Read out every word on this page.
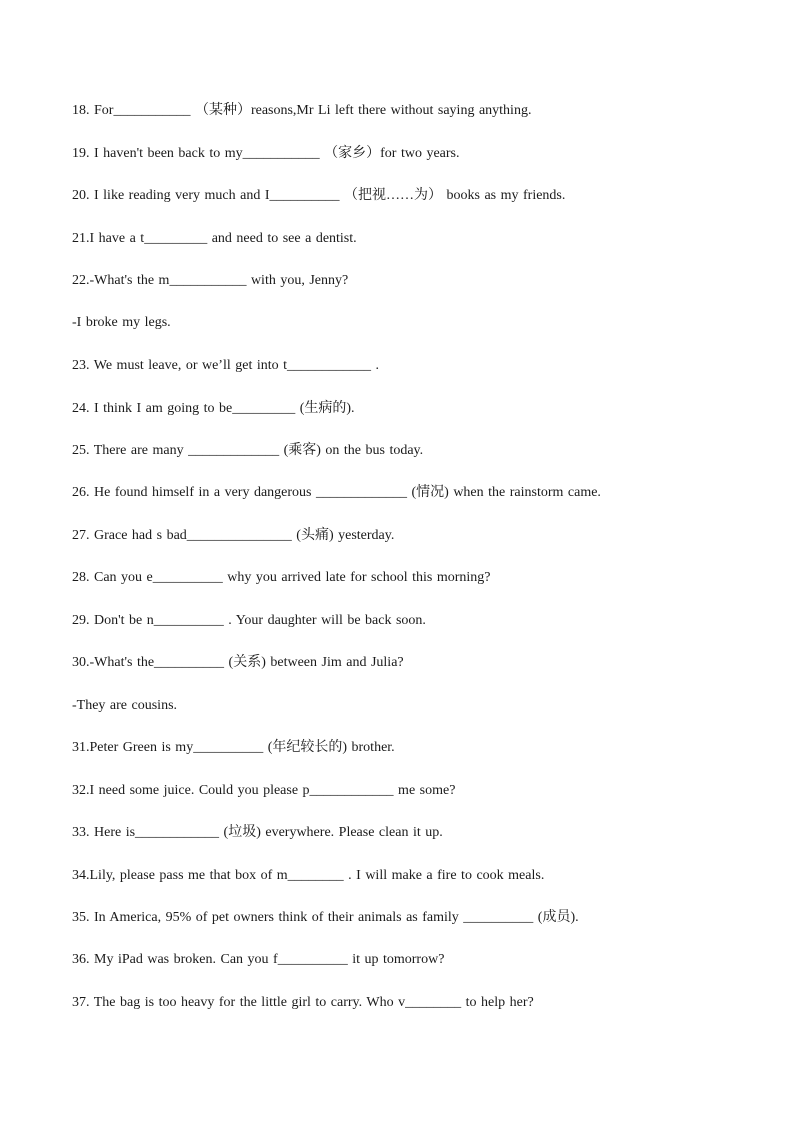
18. For___________ （某种）reasons,Mr Li left there without saying anything.
19. I haven't been back to my___________ （家乡）for two years.
20. I like reading very much and I__________ （把视……为） books as my friends.
21.I have a t_________ and need to see a dentist.
22.-What's the m___________ with you, Jenny?
-I broke my legs.
23. We must leave, or we’ll get into t____________ .
24. I think I am going to be_________ (生病的).
25. There are many _____________ (乘客) on the bus today.
26. He found himself in a very dangerous _____________ (情况) when the rainstorm came.
27. Grace had s bad_______________ (头痛) yesterday.
28. Can you e__________ why you arrived late for school this morning?
29. Don't be n__________ . Your daughter will be back soon.
30.-What's the__________ (关系) between Jim and Julia?
-They are cousins.
31.Peter Green is my__________ (年纪较长的) brother.
32.I need some juice. Could you please p____________ me some?
33. Here is____________ (垃圾) everywhere. Please clean it up.
34.Lily, please pass me that box of m________ . I will make a fire to cook meals.
35. In America, 95% of pet owners think of their animals as family __________ (成员).
36. My iPad was broken. Can you f__________ it up tomorrow?
37. The bag is too heavy for the little girl to carry. Who v________ to help her?
